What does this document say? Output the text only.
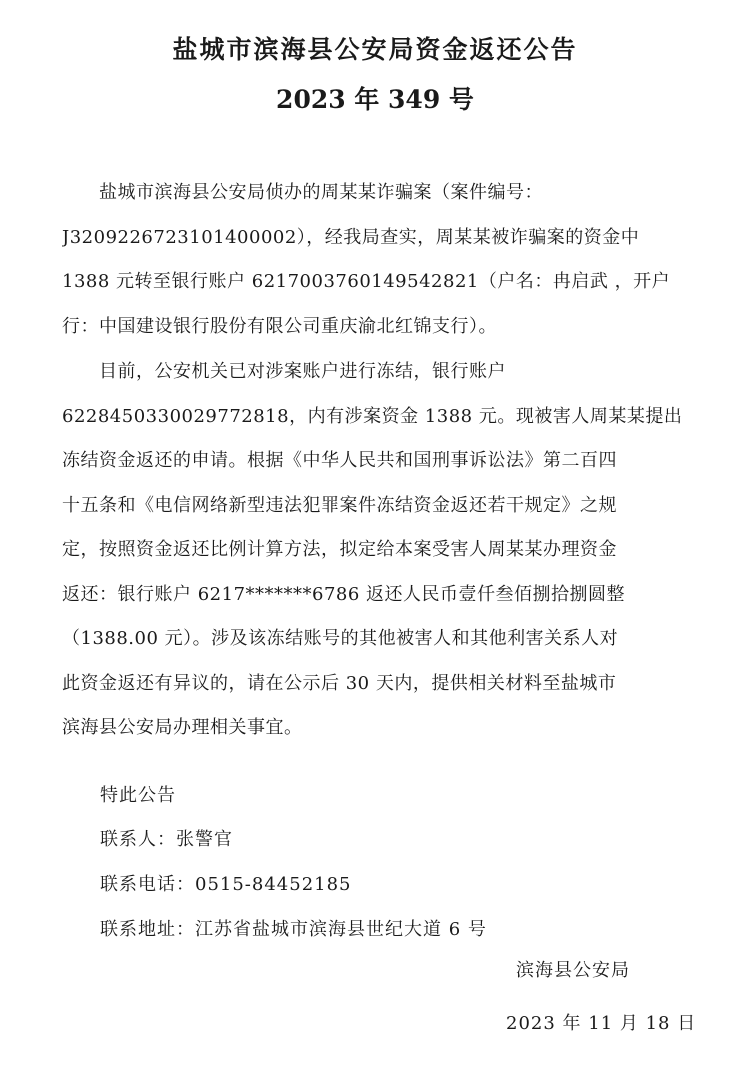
盐城市滨海县公安局资金返还公告
2023 年 349 号
　　盐城市滨海县公安局侦办的周某某诈骗案（案件编号：
J3209226723101400002），经我局查实，周某某被诈骗案的资金中
1388 元转至银行账户 6217003760149542821（户名：冉启武 ，开户
行：中国建设银行股份有限公司重庆渝北红锦支行）。
　　目前，公安机关已对涉案账户进行冻结，银行账户
6228450330029772818，内有涉案资金 1388 元。现被害人周某某提出
冻结资金返还的申请。根据《中华人民共和国刑事诉讼法》第二百四
十五条和《电信网络新型违法犯罪案件冻结资金返还若干规定》之规
定，按照资金返还比例计算方法，拟定给本案受害人周某某办理资金
返还：银行账户 6217*******6786 返还人民币壹仟叁佰捌拾捌圆整
（1388.00 元）。涉及该冻结账号的其他被害人和其他利害关系人对
此资金返还有异议的，请在公示后 30 天内，提供相关材料至盐城市
滨海县公安局办理相关事宜。
特此公告
联系人：张警官
联系电话：0515-84452185
联系地址：江苏省盐城市滨海县世纪大道 6 号
滨海县公安局
2023 年 11 月 18 日
